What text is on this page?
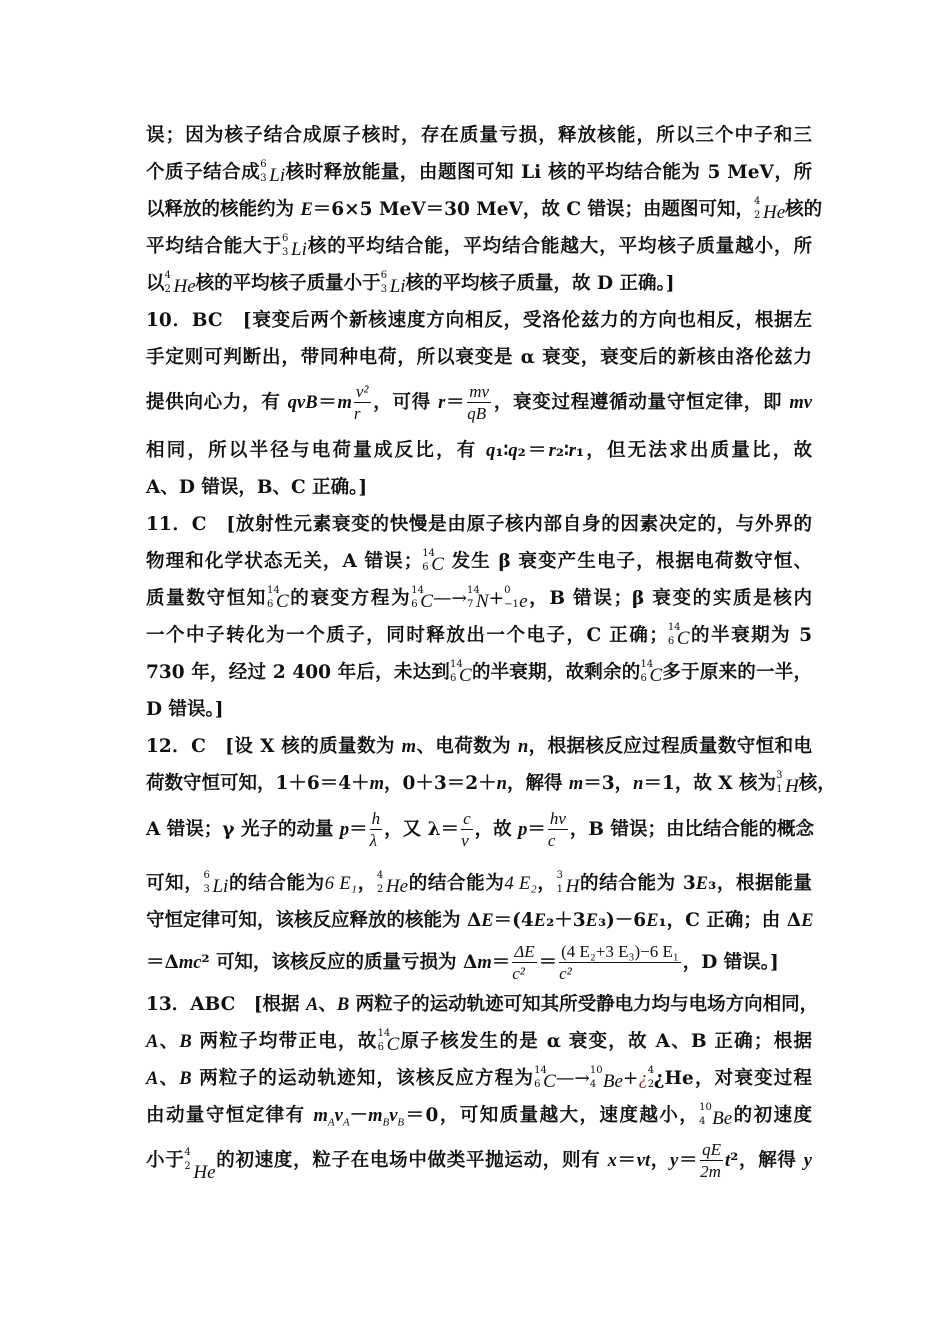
误；因为核子结合成原子核时，存在质量亏损，释放核能，所以三个中子和三
个质子结合成 6
3 Li核时释放能量，由题图可知 Li 核的平均结合能为 5 MeV，所
以释放的核能约为 E＝6×5 MeV＝30 MeV，故 C 错误；由题图可知， 4
2 He核的
平均结合能大于 6
3 Li核的平均结合能，平均结合能越大，平均核子质量越小，所
以 4
2 He核的平均核子质量小于 6
3 Li核的平均核子质量，故 D 正确。]
10．BC　[衰变后两个新核速度方向相反，受洛伦兹力的方向也相反，根据左
手定则可判断出，带同种电荷，所以衰变是 α 衰变，衰变后的新核由洛伦兹力
提供向心力，有 $qvB=m \frac{\text{v²}}{r}$ ，可得 $r= \frac{mv}{qB}$ ，衰变过程遵循动量守恒定律，即 mv
相同，所以半径与电荷量成反比，有 q₁∶q₂＝r₂∶r₁，但无法求出质量比，故
A、D 错误，B、C 正确。]
11．C　[放射性元素衰变的快慢是由原子核内部自身的因素决定的，与外界的
物理和化学状态无关，A 错误； 14
6 C 发生 β 衰变产生电子，根据电荷数守恒、
质量数守恒知 14
6 C的衰变方程为 14
6 C—→ 14
7 N+ 0
−1 e，B 错误；β 衰变的实质是核内
一个中子转化为一个质子，同时释放出一个电子，C 正确； 14
6 C的半衰期为 5
730 年，经过 2 400 年后，未达到 14
6 C的半衰期，故剩余的 14
6 C多于原来的一半，
D 错误。]
12．C　[设 X 核的质量数为 m、电荷数为 n，根据核反应过程质量数守恒和电
荷数守恒可知，1＋6＝4＋m，0＋3＝2＋n，解得 m＝3，n＝1，故 X 核为 3
1 H核，
A 错误；γ 光子的动量 $p= \frac{h}{\lambda}$ ，又 $\lambda= \frac{c}{v}$ ，故 $p= \frac{h\nu}{c}$ ，B 错误；由比结合能的概念
可知， 6
3 Li的结合能为6 E₁， 4
2 He的结合能为4 E₂， 3
1 H的结合能为 3E₃，根据能量
守恒定律可知，该核反应释放的核能为 ΔE＝(4E₂＋3E₃)－6E₁，C 正确；由 ΔE
＝Δmc² 可知，该核反应的质量亏损为 $\Delta m= \frac{\Delta E}{\text{c²}} = \frac{\text{(4 E₂+3 E₃)−6 E₁}}{\text{c²}}$ ，D 错误。]
13．ABC　[根据 A、B 两粒子的运动轨迹可知其所受静电力均与电场方向相同，
A、B 两粒子均带正电，故 14
6 C原子核发生的是 α 衰变，故 A、B 正确；根据
A、B 两粒子的运动轨迹知，该核反应方程为 14
6 C—→ 10
4 Be+¿ 4
2 ¿He，对衰变过程
由动量守恒定律有 $m_Av_A-m_Bv_B=0$，可知质量越大，速度越小， 10
4 Be的初速度
小于 4
2 He的初速度，粒子在电场中做类平抛运动，则有 x＝vt，$y= \frac{qE}{2m} t^2$，解得 y
